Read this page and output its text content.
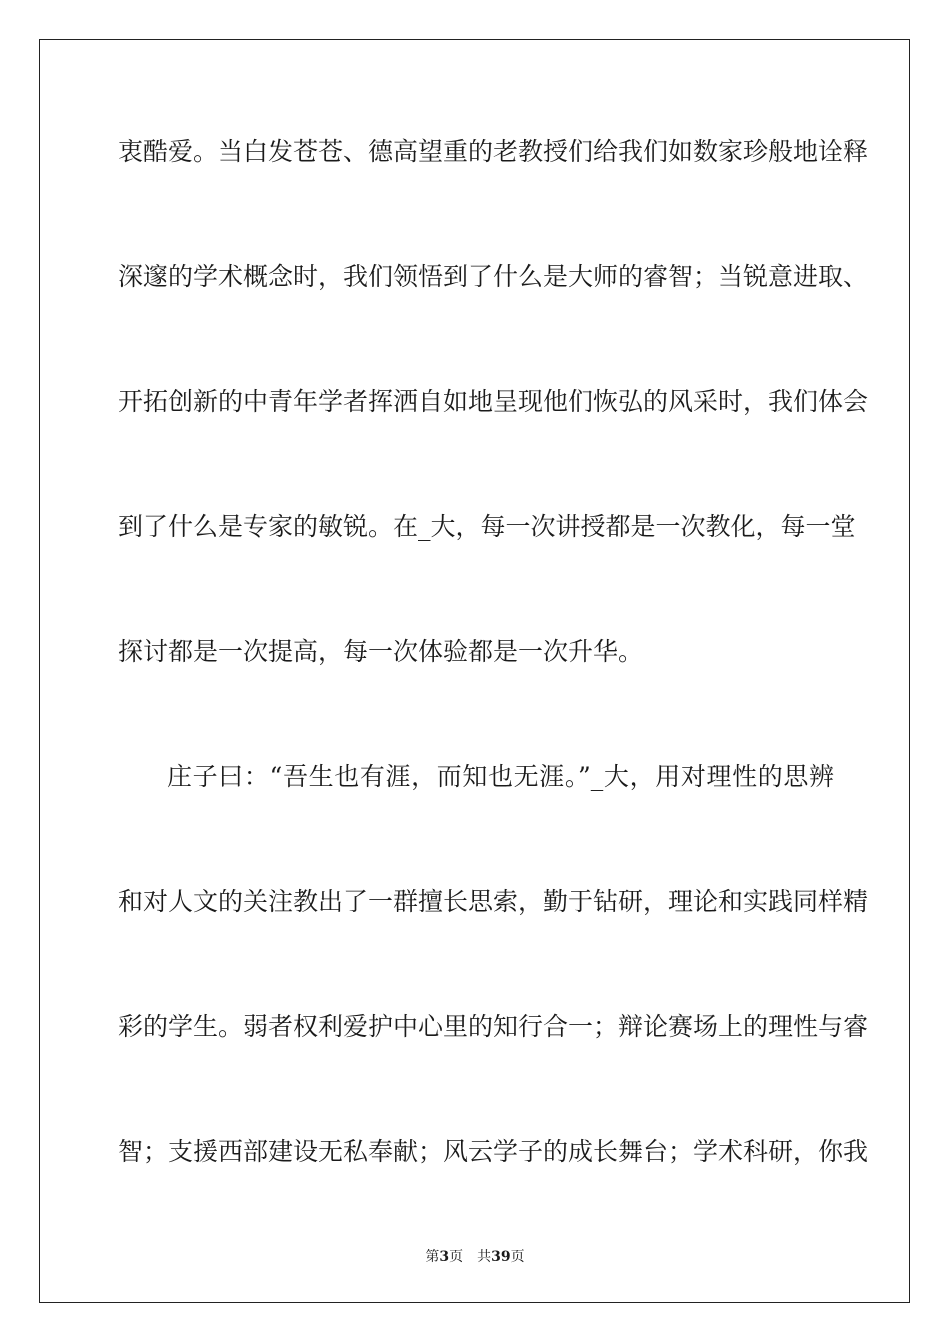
衷酷爱。当白发苍苍、德高望重的老教授们给我们如数家珍般地诠释
深邃的学术概念时，我们领悟到了什么是大师的睿智；当锐意进取、
开拓创新的中青年学者挥洒自如地呈现他们恢弘的风采时，我们体会
到了什么是专家的敏锐。在_大，每一次讲授都是一次教化，每一堂
探讨都是一次提高，每一次体验都是一次升华。
庄子曰：“吾生也有涯，而知也无涯。”_大，用对理性的思辨
和对人文的关注教出了一群擅长思索，勤于钻研，理论和实践同样精
彩的学生。弱者权利爱护中心里的知行合一；辩论赛场上的理性与睿
智；支援西部建设无私奉献；风云学子的成长舞台；学术科研，你我
第3页 共39页
